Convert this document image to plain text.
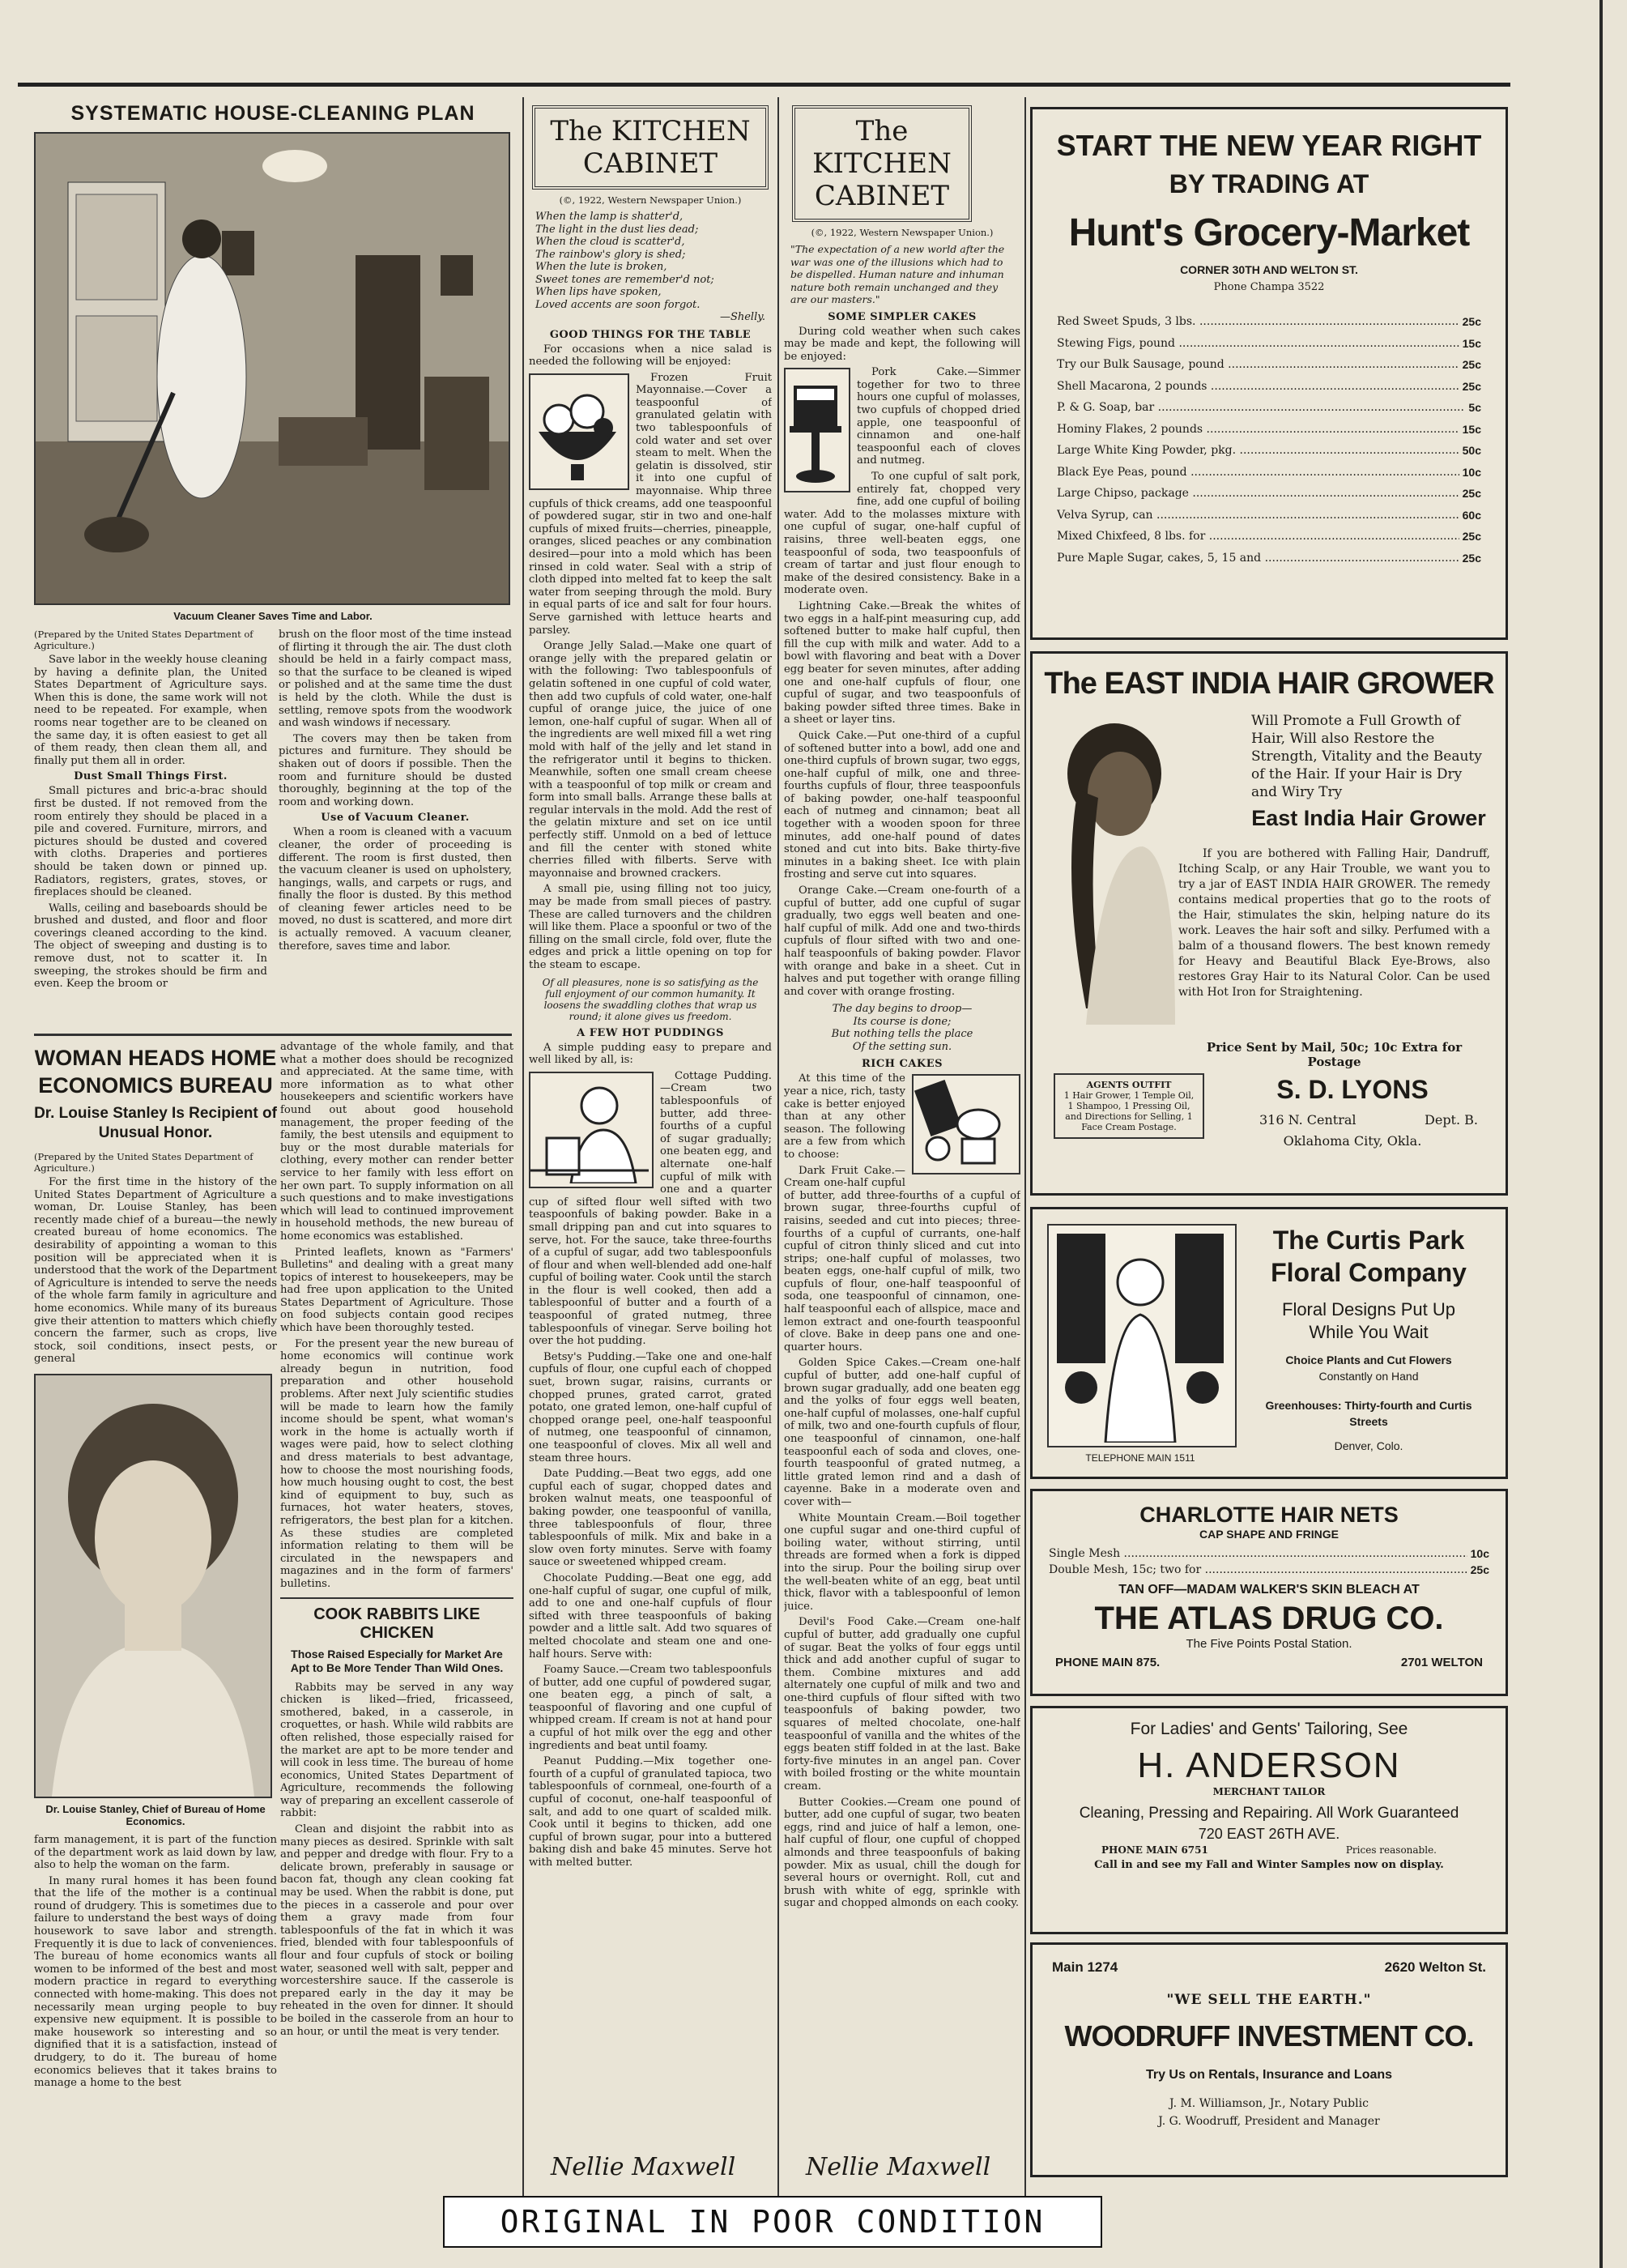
SYSTEMATIC HOUSE-CLEANING PLAN
Vacuum Cleaner Saves Time and Labor.

(Prepared by the United States Department of Agriculture.)

Save labor in the weekly house cleaning by having a definite plan, the United States Department of Agriculture says. When this is done, the same work will not need to be repeated. For example, when rooms near together are to be cleaned on the same day, it is often easiest to get all of them ready, then clean them all, and finally put them all in order.

Dust Small Things First.

Small pictures and bric-a-brac should first be dusted. If not removed from the room entirely they should be placed in a pile and covered. Furniture, mirrors, and pictures should be dusted and covered with cloths. Draperies and portieres should be taken down or pinned up. Radiators, registers, grates, stoves, or fireplaces should be cleaned.

Walls, ceiling and baseboards should be brushed and dusted, and floor and floor coverings cleaned according to the kind. The object of sweeping and dusting is to remove dust, not to scatter it. In sweeping, the strokes should be firm and even. Keep the broom or

brush on the floor most of the time instead of flirting it through the air. The dust cloth should be held in a fairly compact mass, so that the surface to be cleaned is wiped or polished and at the same time the dust is held by the cloth. While the dust is settling, remove spots from the woodwork and wash windows if necessary.

The covers may then be taken from pictures and furniture. They should be shaken out of doors if possible. Then the room and furniture should be dusted thoroughly, beginning at the top of the room and working down.

Use of Vacuum Cleaner.

When a room is cleaned with a vacuum cleaner, the order of proceeding is different. The room is first dusted, then the vacuum cleaner is used on upholstery, hangings, walls, and carpets or rugs, and finally the floor is dusted. By this method of cleaning fewer articles need to be moved, no dust is scattered, and more dirt is actually removed. A vacuum cleaner, therefore, saves time and labor.

WOMAN HEADS HOME ECONOMICS BUREAU
Dr. Louise Stanley Is Recipient of Unusual Honor.

(Prepared by the United States Department of Agriculture.)

For the first time in the history of the United States Department of Agriculture a woman, Dr. Louise Stanley, has been recently made chief of a bureau—the newly created bureau of home economics. The desirability of appointing a woman to this position will be appreciated when it is understood that the work of the Department of Agriculture is intended to serve the needs of the whole farm family in agriculture and home economics. While many of its bureaus give their attention to matters which chiefly concern the farmer, such as crops, live stock, soil conditions, insect pests, or general

Dr. Louise Stanley, Chief of Bureau of Home Economics.

farm management, it is part of the function of the department work as laid down by law, also to help the woman on the farm.

In many rural homes it has been found that the life of the mother is a continual round of drudgery. This is sometimes due to failure to understand the best ways of doing housework to save labor and strength. Frequently it is due to lack of conveniences. The bureau of home economics wants all women to be informed of the best and most modern practice in regard to everything connected with home-making. This does not necessarily mean urging people to buy expensive new equipment. It is possible to make housework so interesting and so dignified that it is a satisfaction, instead of drudgery, to do it. The bureau of home economics believes that it takes brains to manage a home to the best

advantage of the whole family, and that what a mother does should be recognized and appreciated. At the same time, with more information as to what other housekeepers and scientific workers have found out about good household management, the proper feeding of the family, the best utensils and equipment to buy or the most durable materials for clothing, every mother can render better service to her family with less effort on her own part. To supply information on all such questions and to make investigations which will lead to continued improvement in household methods, the new bureau of home economics was established.

Printed leaflets, known as "Farmers' Bulletins" and dealing with a great many topics of interest to housekeepers, may be had free upon application to the United States Department of Agriculture. Those on food subjects contain good recipes which have been thoroughly tested.

For the present year the new bureau of home economics will continue work already begun in nutrition, food preparation and other household problems. After next July scientific studies will be made to learn how the family income should be spent, what woman's work in the home is actually worth if wages were paid, how to select clothing and dress materials to best advantage, how to choose the most nourishing foods, how much housing ought to cost, the best kind of equipment to buy, such as furnaces, hot water heaters, stoves, refrigerators, the best plan for a kitchen. As these studies are completed information relating to them will be circulated in the newspapers and magazines and in the form of farmers' bulletins.

COOK RABBITS LIKE CHICKEN
Those Raised Especially for Market Are Apt to Be More Tender Than Wild Ones.

Rabbits may be served in any way chicken is liked—fried, fricasseed, smothered, baked, in a casserole, in croquettes, or hash. While wild rabbits are often relished, those especially raised for the market are apt to be more tender and will cook in less time. The bureau of home economics, United States Department of Agriculture, recommends the following way of preparing an excellent casserole of rabbit:

Clean and disjoint the rabbit into as many pieces as desired. Sprinkle with salt and pepper and dredge with flour. Fry to a delicate brown, preferably in sausage or bacon fat, though any clean cooking fat may be used. When the rabbit is done, put the pieces in a casserole and pour over them a gravy made from four tablespoonfuls of the fat in which it was fried, blended with four tablespoonfuls of flour and four cupfuls of stock or boiling water, seasoned well with salt, pepper and worcestershire sauce. If the casserole is prepared early in the day it may be reheated in the oven for dinner. It should be boiled in the casserole from an hour to an hour, or until the meat is very tender.

The KITCHEN
CABINET
(©, 1922, Western Newspaper Union.)
When the lamp is shatter'd,
The light in the dust lies dead;
When the cloud is scatter'd,
The rainbow's glory is shed;
When the lute is broken,
Sweet tones are remember'd not;
When lips have spoken,
Loved accents are soon forgot.
—Shelly.
GOOD THINGS FOR THE TABLE

For occasions when a nice salad is needed the following will be enjoyed:

Frozen Fruit Mayonnaise.—Cover a teaspoonful of granulated gelatin with two tablespoonfuls of cold water and set over steam to melt. When the gelatin is dissolved, stir it into one cupful of mayonnaise. Whip three cupfuls of thick creams, add one teaspoonful of powdered sugar, stir in two and one-half cupfuls of mixed fruits—cherries, pineapple, oranges, sliced peaches or any combination desired—pour into a mold which has been rinsed in cold water. Seal with a strip of cloth dipped into melted fat to keep the salt water from seeping through the mold. Bury in equal parts of ice and salt for four hours. Serve garnished with lettuce hearts and parsley.

Orange Jelly Salad.—Make one quart of orange jelly with the prepared gelatin or with the following: Two tablespoonfuls of gelatin softened in one cupful of cold water, then add two cupfuls of cold water, one-half cupful of orange juice, the juice of one lemon, one-half cupful of sugar. When all of the ingredients are well mixed fill a wet ring mold with half of the jelly and let stand in the refrigerator until it begins to thicken. Meanwhile, soften one small cream cheese with a teaspoonful of top milk or cream and form into small balls. Arrange these balls at regular intervals in the mold. Add the rest of the gelatin mixture and set on ice until perfectly stiff. Unmold on a bed of lettuce and fill the center with stoned white cherries filled with filberts. Serve with mayonnaise and browned crackers.

A small pie, using filling not too juicy, may be made from small pieces of pastry. These are called turnovers and the children will like them. Place a spoonful or two of the filling on the small circle, fold over, flute the edges and prick a little opening on top for the steam to escape.

Of all pleasures, none is so satisfying as the full enjoyment of our common humanity. It loosens the swaddling clothes that wrap us round; it alone gives us freedom.

A FEW HOT PUDDINGS

A simple pudding easy to prepare and well liked by all, is:

Cottage Pudding.—Cream two tablespoonfuls of butter, add three-fourths of a cupful of sugar gradually; one beaten egg, and alternate one-half cupful of milk with one and a quarter cup of sifted flour well sifted with two teaspoonfuls of baking powder. Bake in a small dripping pan and cut into squares to serve, hot. For the sauce, take three-fourths of a cupful of sugar, add two tablespoonfuls of flour and when well-blended add one-half cupful of boiling water. Cook until the starch in the flour is well cooked, then add a tablespoonful of butter and a fourth of a teaspoonful of grated nutmeg, three tablespoonfuls of vinegar. Serve boiling hot over the hot pudding.

Betsy's Pudding.—Take one and one-half cupfuls of flour, one cupful each of chopped suet, brown sugar, raisins, currants or chopped prunes, grated carrot, grated potato, one grated lemon, one-half cupful of chopped orange peel, one-half teaspoonful of nutmeg, one teaspoonful of cinnamon, one teaspoonful of cloves. Mix all well and steam three hours.

Date Pudding.—Beat two eggs, add one cupful each of sugar, chopped dates and broken walnut meats, one teaspoonful of baking powder, one teaspoonful of vanilla, three tablespoonfuls of flour, three tablespoonfuls of milk. Mix and bake in a slow oven forty minutes. Serve with foamy sauce or sweetened whipped cream.

Chocolate Pudding.—Beat one egg, add one-half cupful of sugar, one cupful of milk, add to one and one-half cupfuls of flour sifted with three teaspoonfuls of baking powder and a little salt. Add two squares of melted chocolate and steam one and one-half hours. Serve with:

Foamy Sauce.—Cream two tablespoonfuls of butter, add one cupful of powdered sugar, one beaten egg, a pinch of salt, a teaspoonful of flavoring and one cupful of whipped cream. If cream is not at hand pour a cupful of hot milk over the egg and other ingredients and beat until foamy.

Peanut Pudding.—Mix together one-fourth of a cupful of granulated tapioca, two tablespoonfuls of cornmeal, one-fourth of a cupful of coconut, one-half teaspoonful of salt, and add to one quart of scalded milk. Cook until it begins to thicken, add one cupful of brown sugar, pour into a buttered baking dish and bake 45 minutes. Serve hot with melted butter.

Nellie Maxwell
The KITCHEN
CABINET
(©, 1922, Western Newspaper Union.)

"The expectation of a new world after the war was one of the illusions which had to be dispelled. Human nature and inhuman nature both remain unchanged and they are our masters."

SOME SIMPLER CAKES

During cold weather when such cakes may be made and kept, the following will be enjoyed:

Pork Cake.—Simmer together for two to three hours one cupful of molasses, two cupfuls of chopped dried apple, one teaspoonful of cinnamon and one-half teaspoonful each of cloves and nutmeg.

To one cupful of salt pork, entirely fat, chopped very fine, add one cupful of boiling water. Add to the molasses mixture with one cupful of sugar, one-half cupful of raisins, three well-beaten eggs, one teaspoonful of soda, two teaspoonfuls of cream of tartar and just flour enough to make of the desired consistency. Bake in a moderate oven.

Lightning Cake.—Break the whites of two eggs in a half-pint measuring cup, add softened butter to make half cupful, then fill the cup with milk and water. Add to a bowl with flavoring and beat with a Dover egg beater for seven minutes, after adding one and one-half cupfuls of flour, one cupful of sugar, and two teaspoonfuls of baking powder sifted three times. Bake in a sheet or layer tins.

Quick Cake.—Put one-third of a cupful of softened butter into a bowl, add one and one-third cupfuls of brown sugar, two eggs, one-half cupful of milk, one and three-fourths cupfuls of flour, three teaspoonfuls of baking powder, one-half teaspoonful each of nutmeg and cinnamon; beat all together with a wooden spoon for three minutes, add one-half pound of dates stoned and cut into bits. Bake thirty-five minutes in a baking sheet. Ice with plain frosting and serve cut into squares.

Orange Cake.—Cream one-fourth of a cupful of butter, add one cupful of sugar gradually, two eggs well beaten and one-half cupful of milk. Add one and two-thirds cupfuls of flour sifted with two and one-half teaspoonfuls of baking powder. Flavor with orange and bake in a sheet. Cut in halves and put together with orange filling and cover with orange frosting.

The day begins to droop—
Its course is done;
But nothing tells the place
Of the setting sun.
RICH CAKES

At this time of the year a nice, rich, tasty cake is better enjoyed than at any other season. The following are a few from which to choose:

Dark Fruit Cake.—Cream one-half cupful of butter, add three-fourths of a cupful of brown sugar, three-fourths cupful of raisins, seeded and cut into pieces; three-fourths of a cupful of currants, one-half cupful of citron thinly sliced and cut into strips; one-half cupful of molasses, two beaten eggs, one-half cupful of milk, two cupfuls of flour, one-half teaspoonful of soda, one teaspoonful of cinnamon, one-half teaspoonful each of allspice, mace and lemon extract and one-fourth teaspoonful of clove. Bake in deep pans one and one-quarter hours.

Golden Spice Cakes.—Cream one-half cupful of butter, add one-half cupful of brown sugar gradually, add one beaten egg and the yolks of four eggs well beaten, one-half cupful of molasses, one-half cupful of milk, two and one-fourth cupfuls of flour, one teaspoonful of cinnamon, one-half teaspoonful each of soda and cloves, one-fourth teaspoonful of grated nutmeg, a little grated lemon rind and a dash of cayenne. Bake in a moderate oven and cover with—

White Mountain Cream.—Boil together one cupful sugar and one-third cupful of boiling water, without stirring, until threads are formed when a fork is dipped into the sirup. Pour the boiling sirup over the well-beaten white of an egg, beat until thick, flavor with a tablespoonful of lemon juice.

Devil's Food Cake.—Cream one-half cupful of butter, add gradually one cupful of sugar. Beat the yolks of four eggs until thick and add another cupful of sugar to them. Combine mixtures and add alternately one cupful of milk and two and one-third cupfuls of flour sifted with two teaspoonfuls of baking powder, two squares of melted chocolate, one-half teaspoonful of vanilla and the whites of the eggs beaten stiff folded in at the last. Bake forty-five minutes in an angel pan. Cover with boiled frosting or the white mountain cream.

Butter Cookies.—Cream one pound of butter, add one cupful of sugar, two beaten eggs, rind and juice of half a lemon, one-half cupful of flour, one cupful of chopped almonds and three teaspoonfuls of baking powder. Mix as usual, chill the dough for several hours or overnight. Roll, cut and brush with white of egg, sprinkle with sugar and chopped almonds on each cooky.

Nellie Maxwell
START THE NEW YEAR RIGHT
BY TRADING AT
Hunt's Grocery-Market
CORNER 30TH AND WELTON ST.
Phone Champa 3522
Red Sweet Spuds, 3 lbs. .....	25c
Stewing Figs, pound .....	15c
Try our Bulk Sausage, pound .....	25c
Shell Macarona, 2 pounds .....	25c
P. & G. Soap, bar .....	5c
Hominy Flakes, 2 pounds .....	15c
Large White King Powder, pkg. .....	50c
Black Eye Peas, pound .....	10c
Large Chipso, package .....	25c
Velva Syrup, can .....	60c
Mixed Chixfeed, 8 lbs. for .....	25c
Pure Maple Sugar, cakes, 5, 15 and .....	25c
The EAST INDIA HAIR GROWER
Will Promote a Full Growth of Hair, Will also Restore the Strength, Vitality and the Beauty of the Hair. If your Hair is Dry and Wiry Try
East India Hair Grower
If you are bothered with Falling Hair, Dandruff, Itching Scalp, or any Hair Trouble, we want you to try a jar of EAST INDIA HAIR GROWER. The remedy contains medical properties that go to the roots of the Hair, stimulates the skin, helping nature do its work. Leaves the hair soft and silky. Perfumed with a balm of a thousand flowers. The best known remedy for Heavy and Beautiful Black Eye-Brows, also restores Gray Hair to its Natural Color. Can be used with Hot Iron for Straightening.
Price Sent by Mail, 50c; 10c Extra for Postage
AGENTS OUTFIT
1 Hair Grower, 1 Temple Oil, 1 Shampoo, 1 Pressing Oil, and Directions for Selling, 1 Face Cream Postage.
S. D. LYONS
316 N. Central	Dept. B.
Oklahoma City, Okla.
TELEPHONE MAIN 1511
The Curtis Park
Floral Company
Floral Designs Put Up
While You Wait
Choice Plants and Cut Flowers
Constantly on Hand
Greenhouses: Thirty-fourth and Curtis Streets
Denver, Colo.
CHARLOTTE HAIR NETS
CAP SHAPE AND FRINGE
Single Mesh .....	10c
Double Mesh, 15c; two for .....	25c
TAN OFF—MADAM WALKER'S SKIN BLEACH AT
THE ATLAS DRUG CO.
The Five Points Postal Station.
PHONE MAIN 875.	2701 WELTON
For Ladies' and Gents' Tailoring, See
H. ANDERSON
MERCHANT TAILOR
Cleaning, Pressing and Repairing. All Work Guaranteed
720 EAST 26TH AVE.
PHONE MAIN 6751	Prices reasonable.
Call in and see my Fall and Winter Samples now on display.
Main 1274	2620 Welton St.
"WE SELL THE EARTH."
WOODRUFF INVESTMENT CO.
Try Us on Rentals, Insurance and Loans
J. M. Williamson, Jr., Notary Public
J. G. Woodruff, President and Manager
ORIGINAL IN POOR CONDITION
